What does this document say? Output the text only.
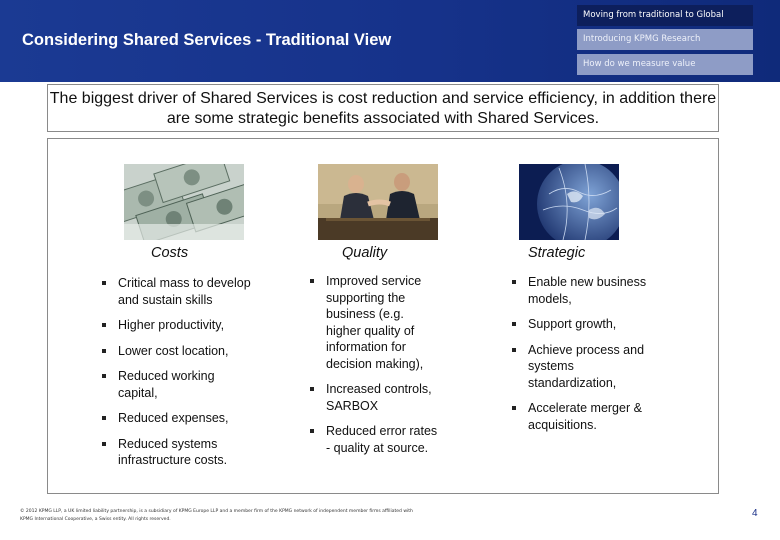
Considering Shared Services - Traditional View
Moving from traditional to Global
Introducing KPMG Research
How do we measure value
The biggest driver of Shared Services is cost reduction and service efficiency, in addition there are some strategic benefits associated with Shared Services.
Costs	Quality	Strategic
Critical mass to develop and sustain skills
Higher productivity,
Lower cost location,
Reduced working capital,
Reduced expenses,
Reduced systems infrastructure costs.
Improved service supporting the business (e.g. higher quality of information for decision making),
Increased controls, SARBOX
Reduced error rates - quality at source.
Enable new business models,
Support growth,
Achieve process and systems standardization,
Accelerate merger & acquisitions.
© 2012 KPMG LLP, a UK limited liability partnership, is a subsidiary of KPMG Europe LLP and a member firm of the KPMG network of independent member firms affiliated with
KPMG International Cooperative, a Swiss entity. All rights reserved.
4
